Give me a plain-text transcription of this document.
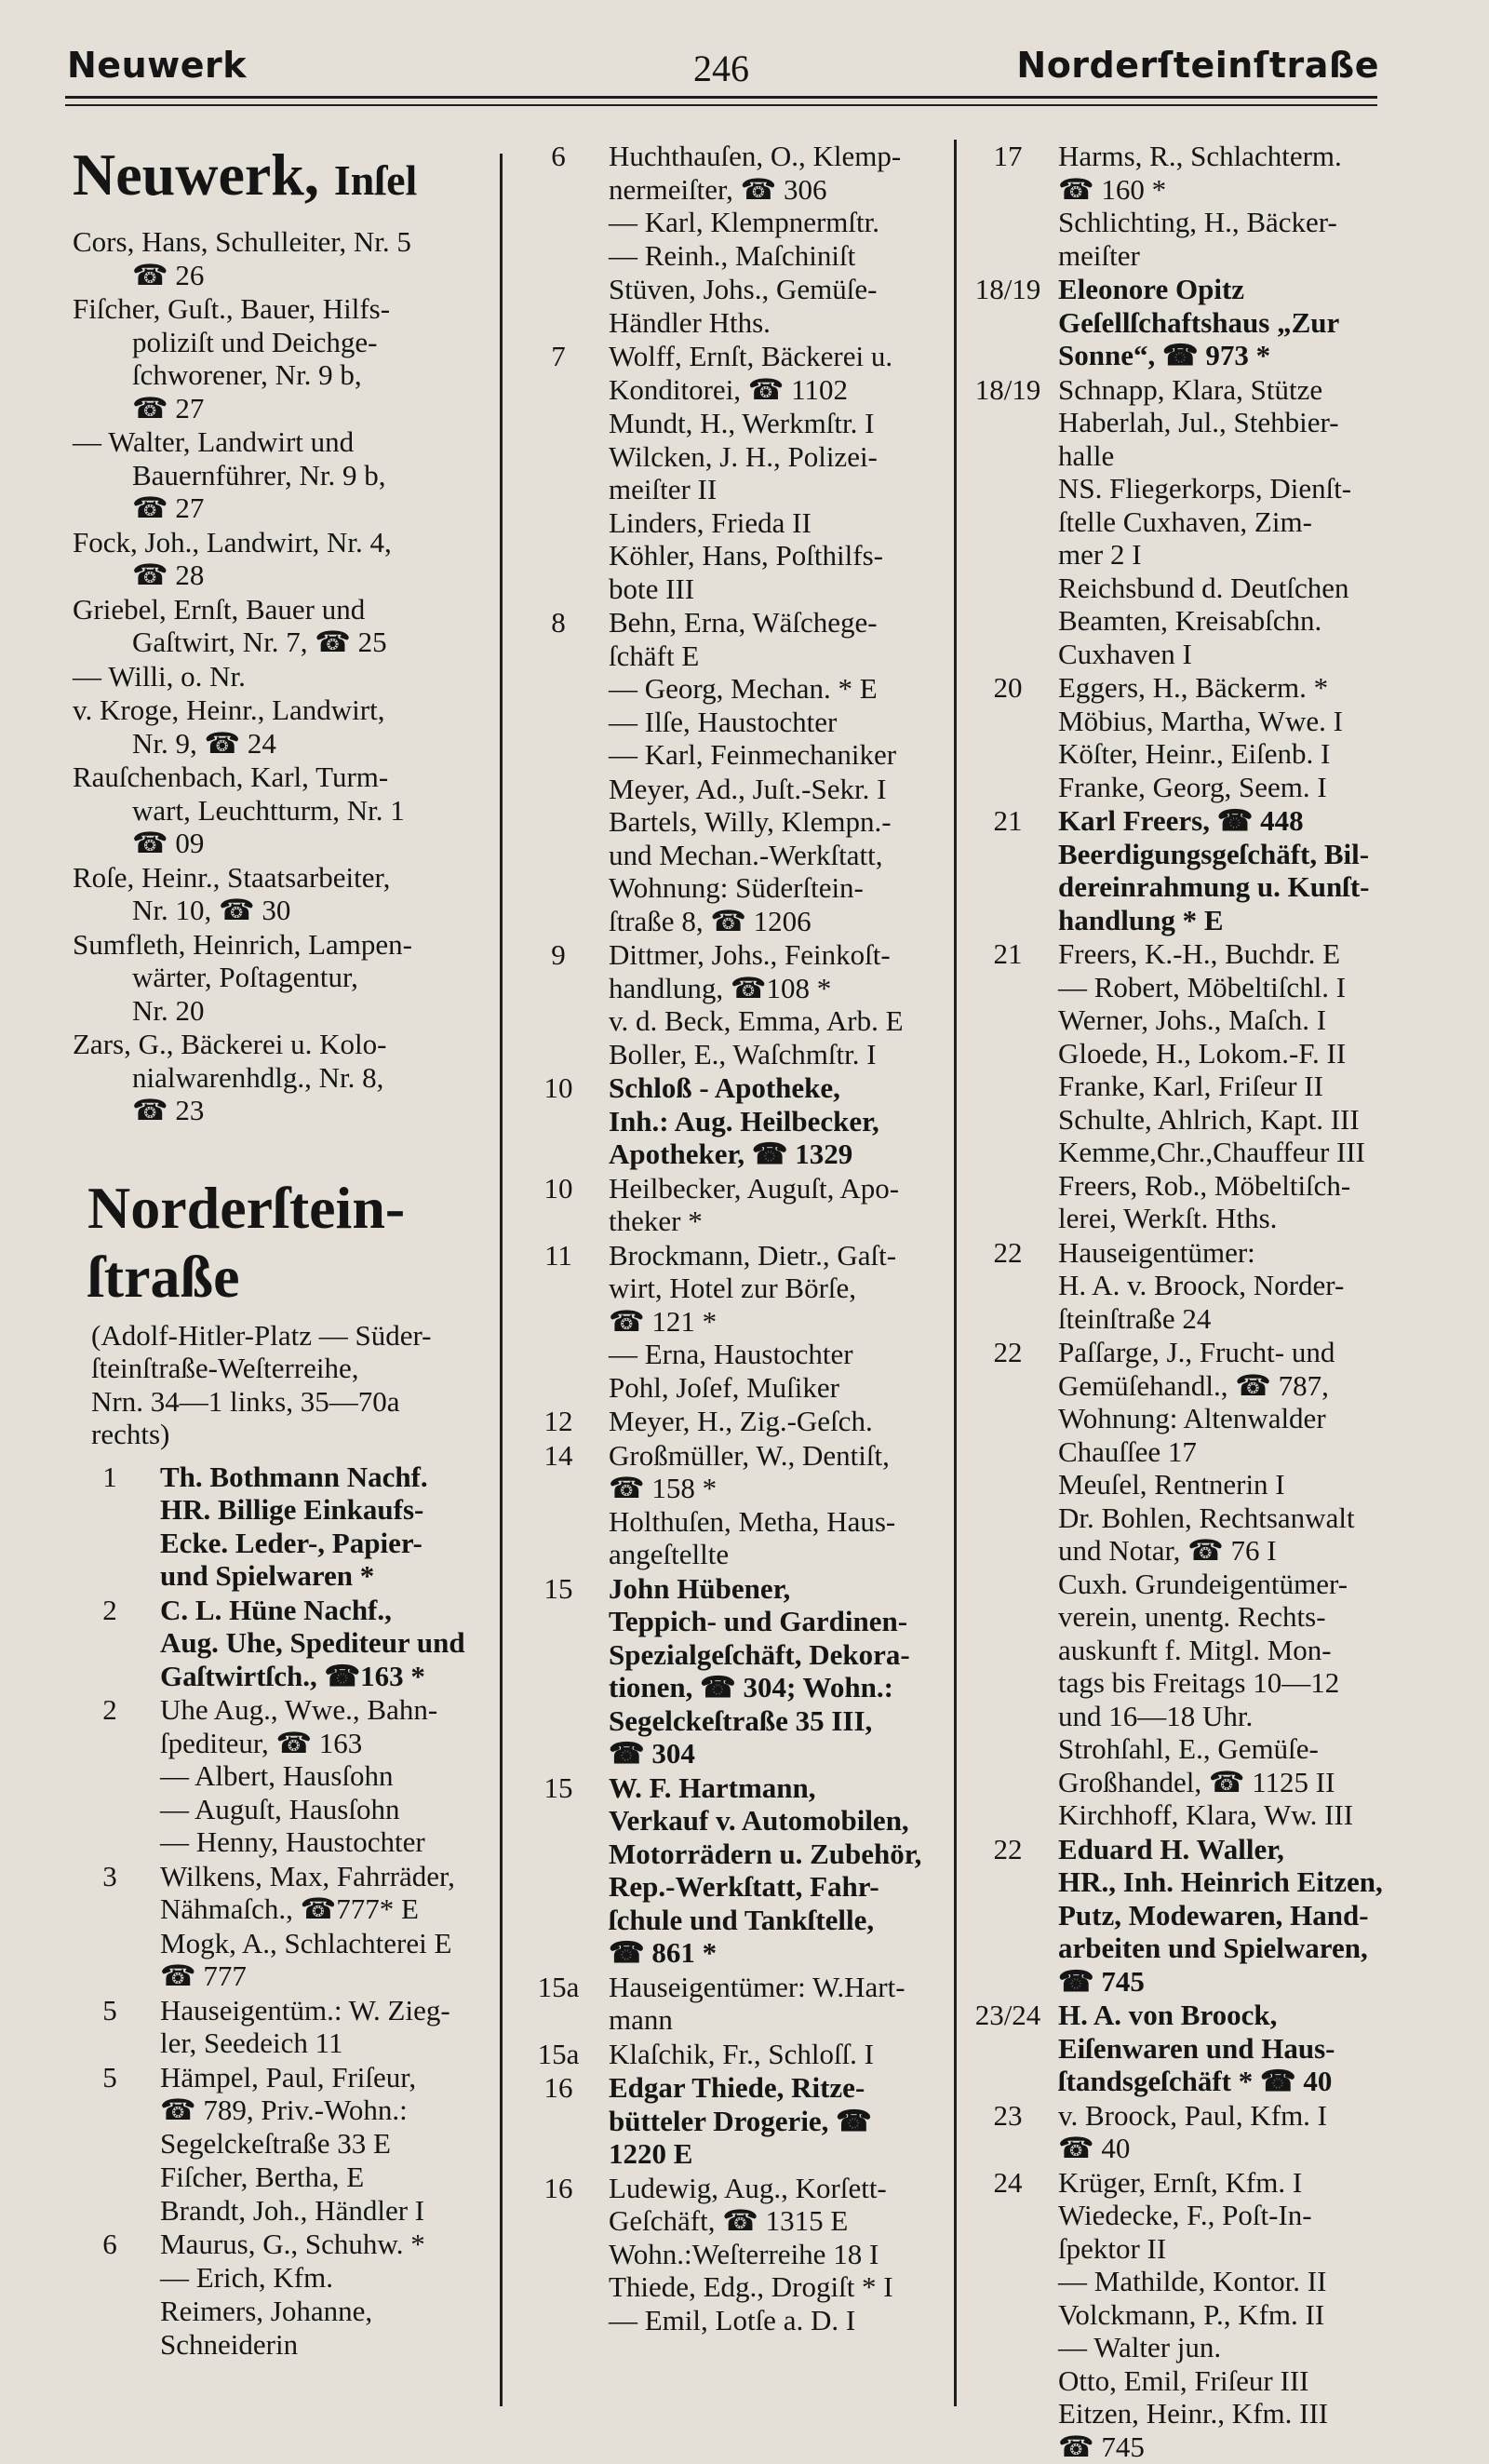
Neuwerk	246	Norderſteinſtraße
Neuwerk, Inſel
Cors, Hans, Schulleiter, Nr. 5
☎ 26
Fiſcher, Guſt., Bauer, Hilfs-
poliziſt und Deichge-
ſchworener, Nr. 9 b,
☎ 27
— Walter, Landwirt und
Bauernführer, Nr. 9 b,
☎ 27
Fock, Joh., Landwirt, Nr. 4,
☎ 28
Griebel, Ernſt, Bauer und
Gaſtwirt, Nr. 7, ☎ 25
— Willi, o. Nr.
v. Kroge, Heinr., Landwirt,
Nr. 9, ☎ 24
Rauſchenbach, Karl, Turm-
wart, Leuchtturm, Nr. 1
☎ 09
Roſe, Heinr., Staatsarbeiter,
Nr. 10, ☎ 30
Sumfleth, Heinrich, Lampen-
wärter, Poſtagentur,
Nr. 20
Zars, G., Bäckerei u. Kolo-
nialwarenhdlg., Nr. 8,
☎ 23
Norderſtein-
ſtraße
(Adolf-Hitler-Platz — Süder-
ſteinſtraße-Weſterreihe,
Nrn. 34—1 links, 35—70a
rechts)
1	Th. Bothmann Nachf.
HR. Billige Einkaufs-
Ecke. Leder-, Papier-
und Spielwaren *
2	C. L. Hüne Nachf.,
Aug. Uhe, Spediteur und
Gaſtwirtſch., ☎163 *
2	Uhe Aug., Wwe., Bahn-
ſpediteur, ☎ 163
— Albert, Hausſohn
— Auguſt, Hausſohn
— Henny, Haustochter
3	Wilkens, Max, Fahrräder,
Nähmaſch., ☎777* E
Mogk, A., Schlachterei E
☎ 777
5	Hauseigentüm.: W. Zieg-
ler, Seedeich 11
5	Hämpel, Paul, Friſeur,
☎ 789, Priv.-Wohn.:
Segelckeſtraße 33 E
Fiſcher, Bertha, E
Brandt, Joh., Händler I
6	Maurus, G., Schuhw. *
— Erich, Kfm.
Reimers, Johanne,
Schneiderin
6	Huchthauſen, O., Klemp-
nermeiſter, ☎ 306
— Karl, Klempnermſtr.
— Reinh., Maſchiniſt
Stüven, Johs., Gemüſe-
Händler Hths.
7	Wolff, Ernſt, Bäckerei u.
Konditorei, ☎ 1102
Mundt, H., Werkmſtr. I
Wilcken, J. H., Polizei-
meiſter II
Linders, Frieda II
Köhler, Hans, Poſthilfs-
bote III
8	Behn, Erna, Wäſchege-
ſchäft E
— Georg, Mechan. * E
— Ilſe, Haustochter
— Karl, Feinmechaniker
Meyer, Ad., Juſt.-Sekr. I
Bartels, Willy, Klempn.-
und Mechan.-Werkſtatt,
Wohnung: Süderſtein-
ſtraße 8, ☎ 1206
9	Dittmer, Johs., Feinkoſt-
handlung, ☎108 *
v. d. Beck, Emma, Arb. E
Boller, E., Waſchmſtr. I
10	Schloß - Apotheke,
Inh.: Aug. Heilbecker,
Apotheker, ☎ 1329
10	Heilbecker, Auguſt, Apo-
theker *
11	Brockmann, Dietr., Gaſt-
wirt, Hotel zur Börſe,
☎ 121 *
— Erna, Haustochter
Pohl, Joſef, Muſiker
12	Meyer, H., Zig.-Geſch.
14	Großmüller, W., Dentiſt,
☎ 158 *
Holthuſen, Metha, Haus-
angeſtellte
15	John Hübener,
Teppich- und Gardinen-
Spezialgeſchäft, Dekora-
tionen, ☎ 304; Wohn.:
Segelckeſtraße 35 III,
☎ 304
15	W. F. Hartmann,
Verkauf v. Automobilen,
Motorrädern u. Zubehör,
Rep.-Werkſtatt, Fahr-
ſchule und Tankſtelle,
☎ 861 *
15a	Hauseigentümer: W.Hart-
mann
15a	Klaſchik, Fr., Schloſſ. I
16	Edgar Thiede, Ritze-
bütteler Drogerie, ☎
1220 E
16	Ludewig, Aug., Korſett-
Geſchäft, ☎ 1315 E
Wohn.:Weſterreihe 18 I
Thiede, Edg., Drogiſt * I
— Emil, Lotſe a. D. I
17	Harms, R., Schlachterm.
☎ 160 *
Schlichting, H., Bäcker-
meiſter
18/19 Eleonore Opitz
Geſellſchaftshaus „Zur
Sonne“, ☎ 973 *
18/19 Schnapp, Klara, Stütze
Haberlah, Jul., Stehbier-
halle
NS. Fliegerkorps, Dienſt-
ſtelle Cuxhaven, Zim-
mer 2 I
Reichsbund d. Deutſchen
Beamten, Kreisabſchn.
Cuxhaven I
20	Eggers, H., Bäckerm. *
Möbius, Martha, Wwe. I
Köſter, Heinr., Eiſenb. I
Franke, Georg, Seem. I
21	Karl Freers, ☎ 448
Beerdigungsgeſchäft, Bil-
dereinrahmung u. Kunſt-
handlung * E
21	Freers, K.-H., Buchdr. E
— Robert, Möbeltiſchl. I
Werner, Johs., Maſch. I
Gloede, H., Lokom.-F. II
Franke, Karl, Friſeur II
Schulte, Ahlrich, Kapt. III
Kemme,Chr.,Chauffeur III
Freers, Rob., Möbeltiſch-
lerei, Werkſt. Hths.
22	Hauseigentümer:
H. A. v. Broock, Norder-
ſteinſtraße 24
22	Paſſarge, J., Frucht- und
Gemüſehandl., ☎ 787,
Wohnung: Altenwalder
Chauſſee 17
Meuſel, Rentnerin I
Dr. Bohlen, Rechtsanwalt
und Notar, ☎ 76 I
Cuxh. Grundeigentümer-
verein, unentg. Rechts-
auskunft f. Mitgl. Mon-
tags bis Freitags 10—12
und 16—18 Uhr.
Strohſahl, E., Gemüſe-
Großhandel, ☎ 1125 II
Kirchhoff, Klara, Ww. III
22	Eduard H. Waller,
HR., Inh. Heinrich Eitzen,
Putz, Modewaren, Hand-
arbeiten und Spielwaren,
☎ 745
23/24 H. A. von Broock,
Eiſenwaren und Haus-
ſtandsgeſchäft * ☎ 40
23	v. Broock, Paul, Kfm. I
☎ 40
24	Krüger, Ernſt, Kfm. I
Wiedecke, F., Poſt-In-
ſpektor II
— Mathilde, Kontor. II
Volckmann, P., Kfm. II
— Walter jun.
Otto, Emil, Friſeur III
Eitzen, Heinr., Kfm. III
☎ 745
